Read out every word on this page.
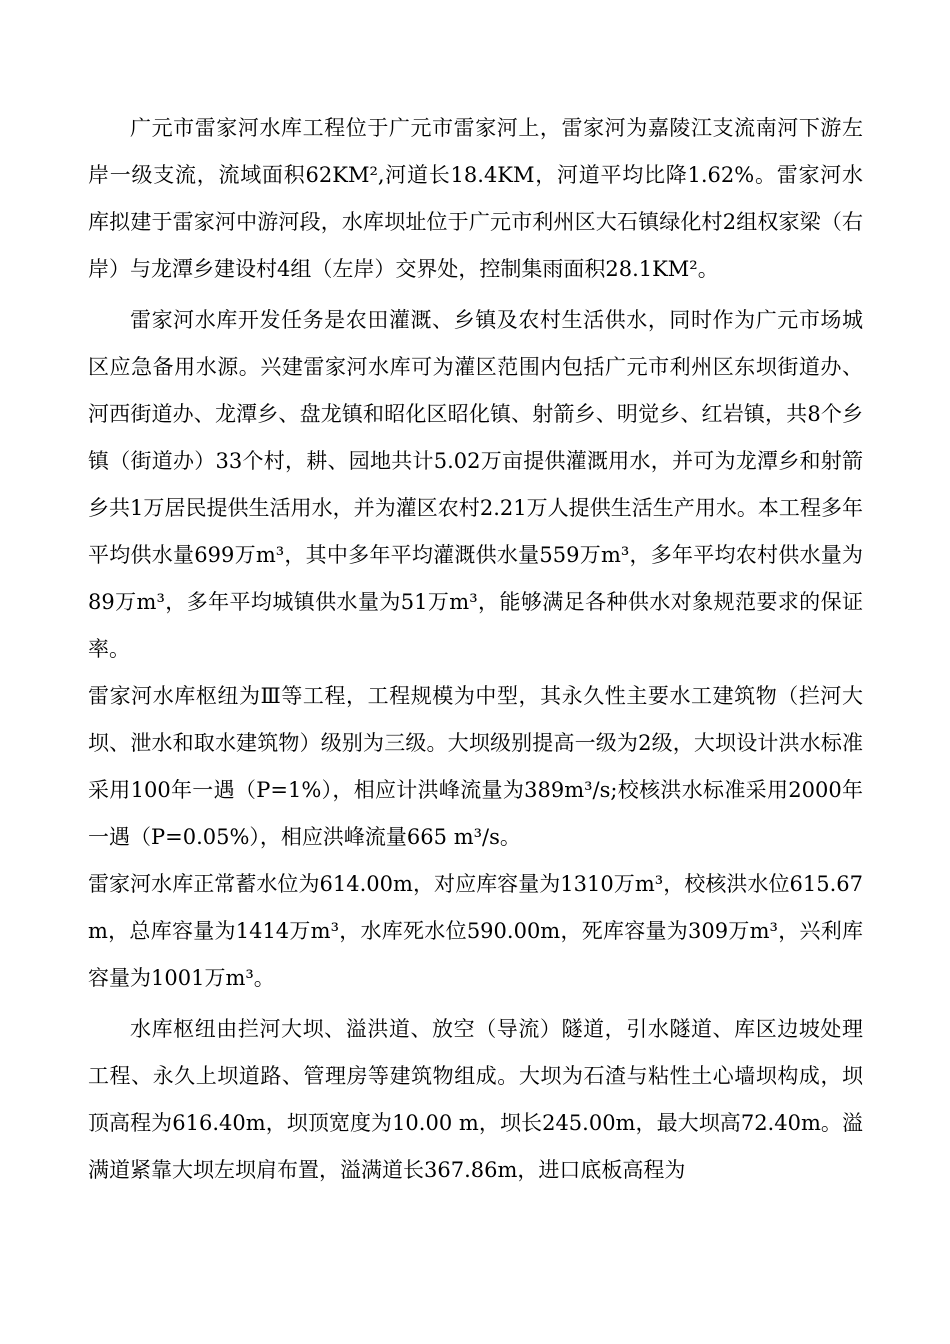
广元市雷家河水库工程位于广元市雷家河上，雷家河为嘉陵江支流南河下游左岸一级支流，流域面积62KM²,河道长18.4KM，河道平均比降1.62%。雷家河水库拟建于雷家河中游河段，水库坝址位于广元市利州区大石镇绿化村2组权家梁（右岸）与龙潭乡建设村4组（左岸）交界处，控制集雨面积28.1KM²。

雷家河水库开发任务是农田灌溉、乡镇及农村生活供水，同时作为广元市场城区应急备用水源。兴建雷家河水库可为灌区范围内包括广元市利州区东坝街道办、河西街道办、龙潭乡、盘龙镇和昭化区昭化镇、射箭乡、明觉乡、红岩镇，共8个乡镇（街道办）33个村，耕、园地共计5.02万亩提供灌溉用水，并可为龙潭乡和射箭乡共1万居民提供生活用水，并为灌区农村2.21万人提供生活生产用水。本工程多年平均供水量699万m³，其中多年平均灌溉供水量559万m³，多年平均农村供水量为89万m³，多年平均城镇供水量为51万m³，能够满足各种供水对象规范要求的保证率。

雷家河水库枢纽为Ⅲ等工程，工程规模为中型，其永久性主要水工建筑物（拦河大坝、泄水和取水建筑物）级别为三级。大坝级别提高一级为2级，大坝设计洪水标准采用100年一遇（P=1%），相应计洪峰流量为389m³/s;校核洪水标准采用2000年一遇（P=0.05%），相应洪峰流量665 m³/s。

雷家河水库正常蓄水位为614.00m，对应库容量为1310万m³，校核洪水位615.67m，总库容量为1414万m³，水库死水位590.00m，死库容量为309万m³，兴利库容量为1001万m³。

水库枢纽由拦河大坝、溢洪道、放空（导流）隧道，引水隧道、库区边坡处理工程、永久上坝道路、管理房等建筑物组成。大坝为石渣与粘性土心墙坝构成，坝顶高程为616.40m，坝顶宽度为10.00 m，坝长245.00m，最大坝高72.40m。溢满道紧靠大坝左坝肩布置，溢满道长367.86m，进口底板高程为
